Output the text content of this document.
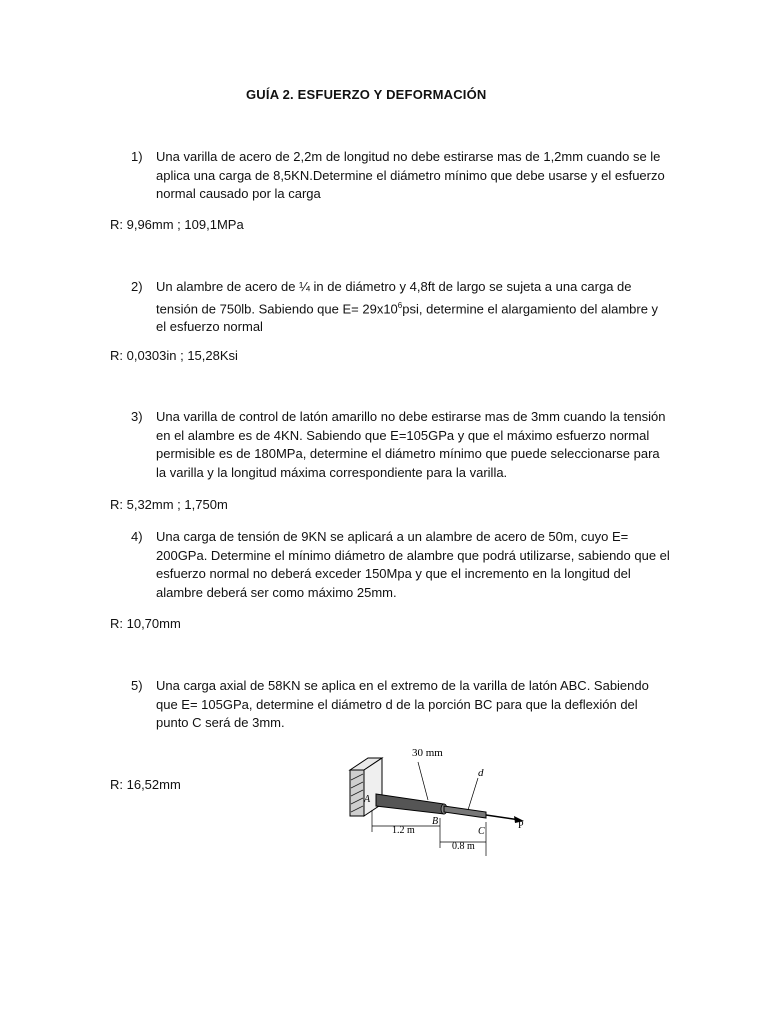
GUÍA 2. ESFUERZO Y DEFORMACIÓN
1) Una varilla de acero de 2,2m de longitud no debe estirarse mas de 1,2mm cuando se le aplica una carga de 8,5KN.Determine el diámetro mínimo que debe usarse y el esfuerzo normal causado por la carga
R: 9,96mm ; 109,1MPa
2) Un alambre de acero de ¼ in de diámetro y 4,8ft de largo se sujeta a una carga de tensión de 750lb. Sabiendo que $E= 29x10^6psi$, determine el alargamiento del alambre y el esfuerzo normal
R: 0,0303in ; 15,28Ksi
3) Una varilla de control de latón amarillo no debe estirarse mas de 3mm cuando la tensión en el alambre es de 4KN. Sabiendo que E=105GPa y que el máximo esfuerzo normal permisible es de 180MPa, determine el diámetro mínimo que puede seleccionarse para la varilla y la longitud máxima correspondiente para la varilla.
R: 5,32mm ; 1,750m
4) Una carga de tensión de 9KN se aplicará a un alambre de acero de 50m, cuyo E= 200GPa. Determine el mínimo diámetro de alambre que podrá utilizarse, sabiendo que el esfuerzo normal no deberá exceder 150Mpa y que el incremento en la longitud del alambre deberá ser como máximo 25mm.
R: 10,70mm
5) Una carga axial de 58KN se aplica en el extremo de la varilla de latón ABC. Sabiendo que E= 105GPa, determine el diámetro d de la porción BC para que la deflexión del punto C será de 3mm.
R: 16,52mm
30 mm
d
A
B
C
P
1.2 m
0.8 m
